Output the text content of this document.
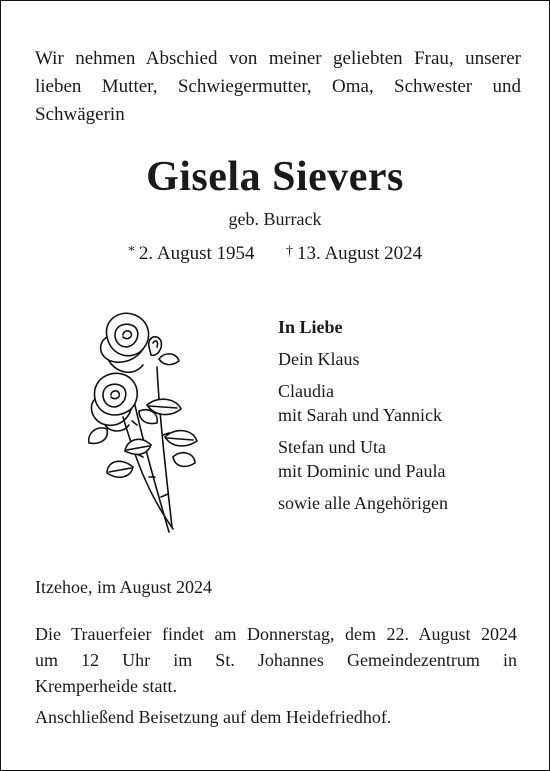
Wir nehmen Abschied von meiner geliebten Frau, unserer
lieben Mutter, Schwiegermutter, Oma, Schwester und
Schwägerin
Gisela Sievers
geb. Burrack
* 2. August 1954 † 13. August 2024
In Liebe
Dein Klaus
Claudia
mit Sarah und Yannick
Stefan und Uta
mit Dominic und Paula
sowie alle Angehörigen
Itzehoe, im August 2024
Die Trauerfeier findet am Donnerstag, dem 22. August 2024
um 12 Uhr im St. Johannes Gemeindezentrum in
Kremperheide statt.
Anschließend Beisetzung auf dem Heidefriedhof.
